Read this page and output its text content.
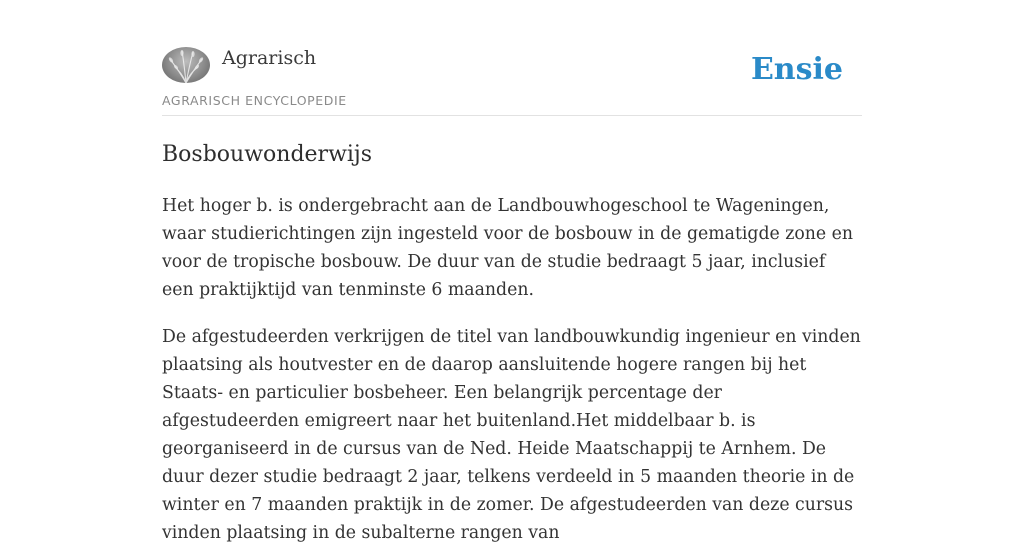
Agrarisch
AGRARISCH ENCYCLOPEDIE
Ensie
Bosbouwonderwijs

Het hoger b. is ondergebracht aan de Landbouwhogeschool te Wageningen, waar studierichtingen zijn ingesteld voor de bosbouw in de gematigde zone en voor de tropische bosbouw. De duur van de studie bedraagt 5 jaar, inclusief een praktijktijd van tenminste 6 maanden.

De afgestudeerden verkrijgen de titel van landbouwkundig ingenieur en vinden plaatsing als houtvester en de daarop aansluitende hogere rangen bij het Staats- en particulier bosbeheer. Een belangrijk percentage der afgestudeerden emigreert naar het buitenland.Het middelbaar b. is georganiseerd in de cursus van de Ned. Heide Maatschappij te Arnhem. De duur dezer studie bedraagt 2 jaar, telkens verdeeld in 5 maanden theorie in de winter en 7 maanden praktijk in de zomer. De afgestudeerden van deze cursus vinden plaatsing in de subalterne rangen van
